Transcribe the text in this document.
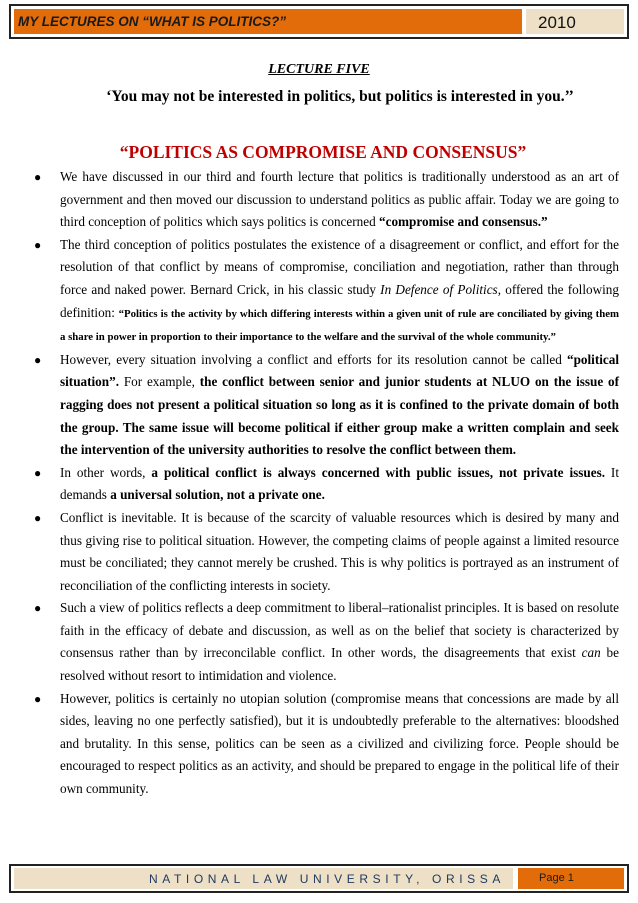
MY LECTURES ON “WHAT IS POLITICS?”	2010
LECTURE FIVE
‘You may not be interested in politics, but politics is interested in you.’’
“POLITICS AS COMPROMISE AND CONSENSUS”
● We have discussed in our third and fourth lecture that politics is traditionally understood as an art of government and then moved our discussion to understand politics as public affair. Today we are going to third conception of politics which says politics is concerned “compromise and consensus.”
● The third conception of politics postulates the existence of a disagreement or conflict, and effort for the resolution of that conflict by means of compromise, conciliation and negotiation, rather than through force and naked power. Bernard Crick, in his classic study In Defence of Politics, offered the following definition: “Politics is the activity by which differing interests within a given unit of rule are conciliated by giving them a share in power in proportion to their importance to the welfare and the survival of the whole community.”
● However, every situation involving a conflict and efforts for its resolution cannot be called “political situation”. For example, the conflict between senior and junior students at NLUO on the issue of ragging does not present a political situation so long as it is confined to the private domain of both the group. The same issue will become political if either group make a written complain and seek the intervention of the university authorities to resolve the conflict between them.
● In other words, a political conflict is always concerned with public issues, not private issues. It demands a universal solution, not a private one.
● Conflict is inevitable. It is because of the scarcity of valuable resources which is desired by many and thus giving rise to political situation. However, the competing claims of people against a limited resource must be conciliated; they cannot merely be crushed. This is why politics is portrayed as an instrument of reconciliation of the conflicting interests in society.
● Such a view of politics reflects a deep commitment to liberal–rationalist principles. It is based on resolute faith in the efficacy of debate and discussion, as well as on the belief that society is characterized by consensus rather than by irreconcilable conflict. In other words, the disagreements that exist can be resolved without resort to intimidation and violence.
● However, politics is certainly no utopian solution (compromise means that concessions are made by all sides, leaving no one perfectly satisfied), but it is undoubtedly preferable to the alternatives: bloodshed and brutality. In this sense, politics can be seen as a civilized and civilizing force. People should be encouraged to respect politics as an activity, and should be prepared to engage in the political life of their own community.
NATIONAL LAW UNIVERSITY, ORISSA	Page 1
